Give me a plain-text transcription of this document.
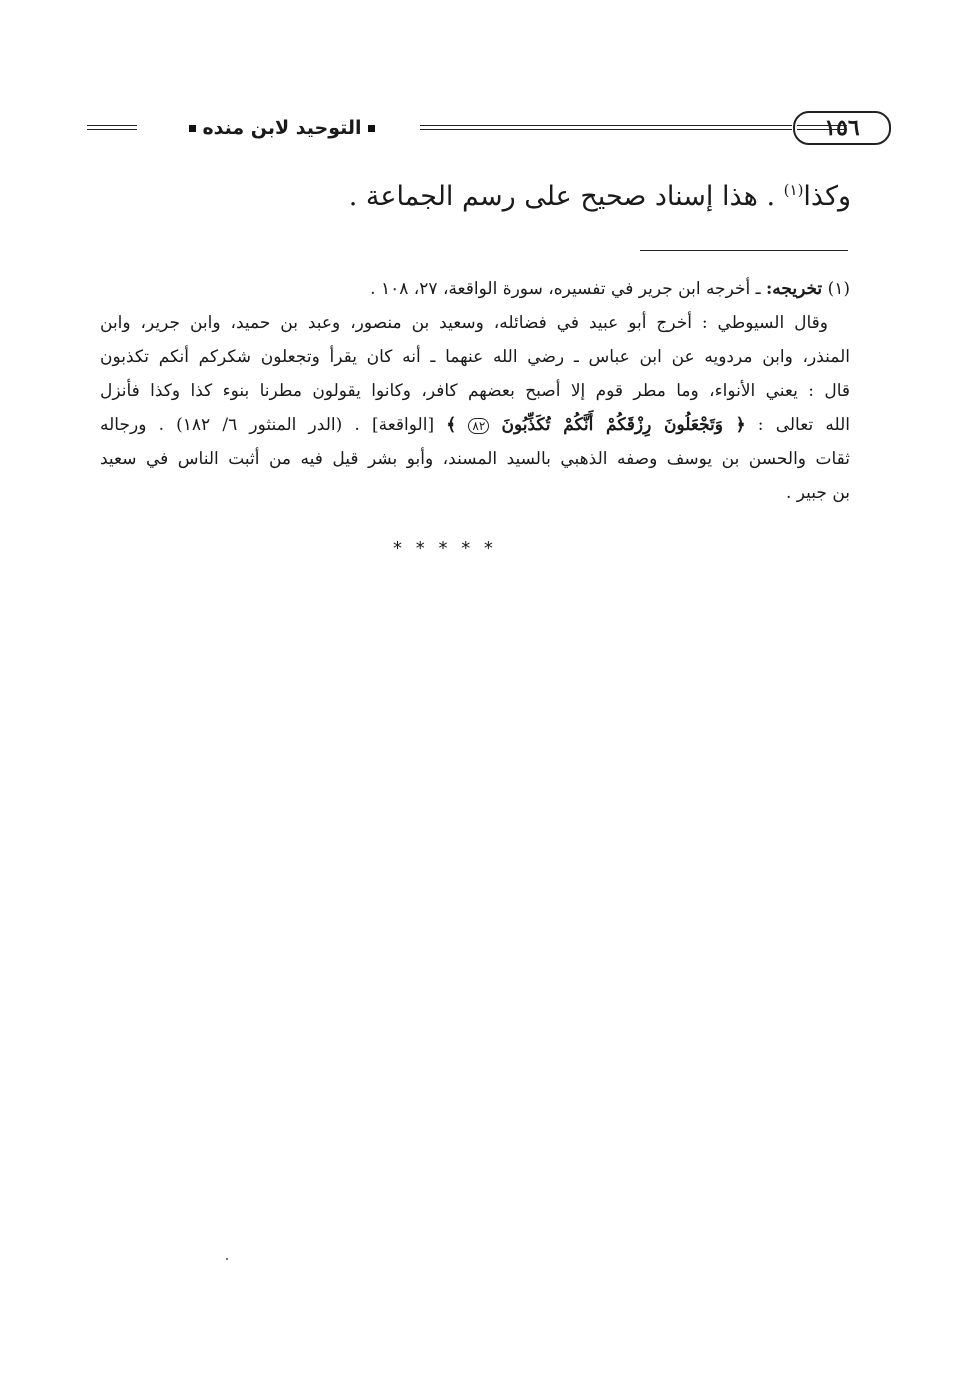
التوحيد لابن منده	١٥٦
وكذا$^{(١)}$ . هذا إسناد صحيح على رسم الجماعة .
(١) تخريجه: ـ أخرجه ابن جرير في تفسيره، سورة الواقعة، ٢٧، ١٠٨ .
وقال السيوطي : أخرج أبو عبيد في فضائله، وسعيد بن منصور، وعبد بن حميد، وابن جرير، وابن
المنذر، وابن مردويه عن ابن عباس ـ رضي الله عنهما ـ أنه كان يقرأ وتجعلون شكركم أنكم تكذبون
قال : يعني الأنواء، وما مطر قوم إلا أصبح بعضهم كافر، وكانوا يقولون مطرنا بنوء كذا وكذا فأنزل
الله تعالى : ﴿ وَتَجْعَلُونَ رِزْقَكُمْ أَنَّكُمْ تُكَذِّبُونَ ٨٢ ﴾ [الواقعة] . (الدر المنثور ٦/ ١٨٢) . ورجاله
ثقات والحسن بن يوسف وصفه الذهبي بالسيد المسند، وأبو بشر قيل فيه من أثبت الناس في سعيد
بن جبير .
* * * * *
